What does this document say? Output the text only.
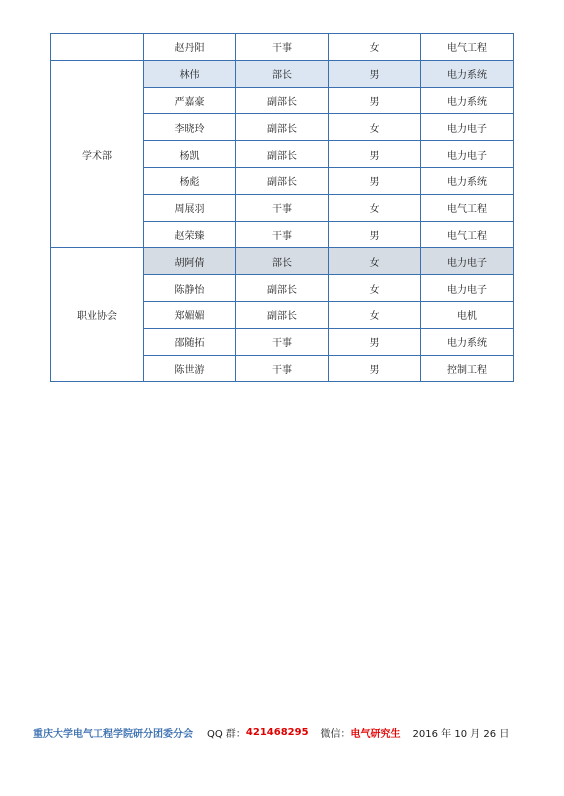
	赵丹阳	干事	女	电气工程
学术部	林伟	部长	男	电力系统
	严嘉豪	副部长	男	电力系统
	李晓玲	副部长	女	电力电子
	杨凯	副部长	男	电力电子
	杨彪	副部长	男	电力系统
	周展羽	干事	女	电气工程
	赵荣臻	干事	男	电气工程
职业协会	胡阿倩	部长	女	电力电子
	陈静怡	副部长	女	电力电子
	郑媚媚	副部长	女	电机
	邵随拓	干事	男	电力系统
	陈世游	干事	男	控制工程
重庆大学电气工程学院研分团委分会 QQ 群： 421468295 微信： 电气研究生 2016 年 10 月 26 日
